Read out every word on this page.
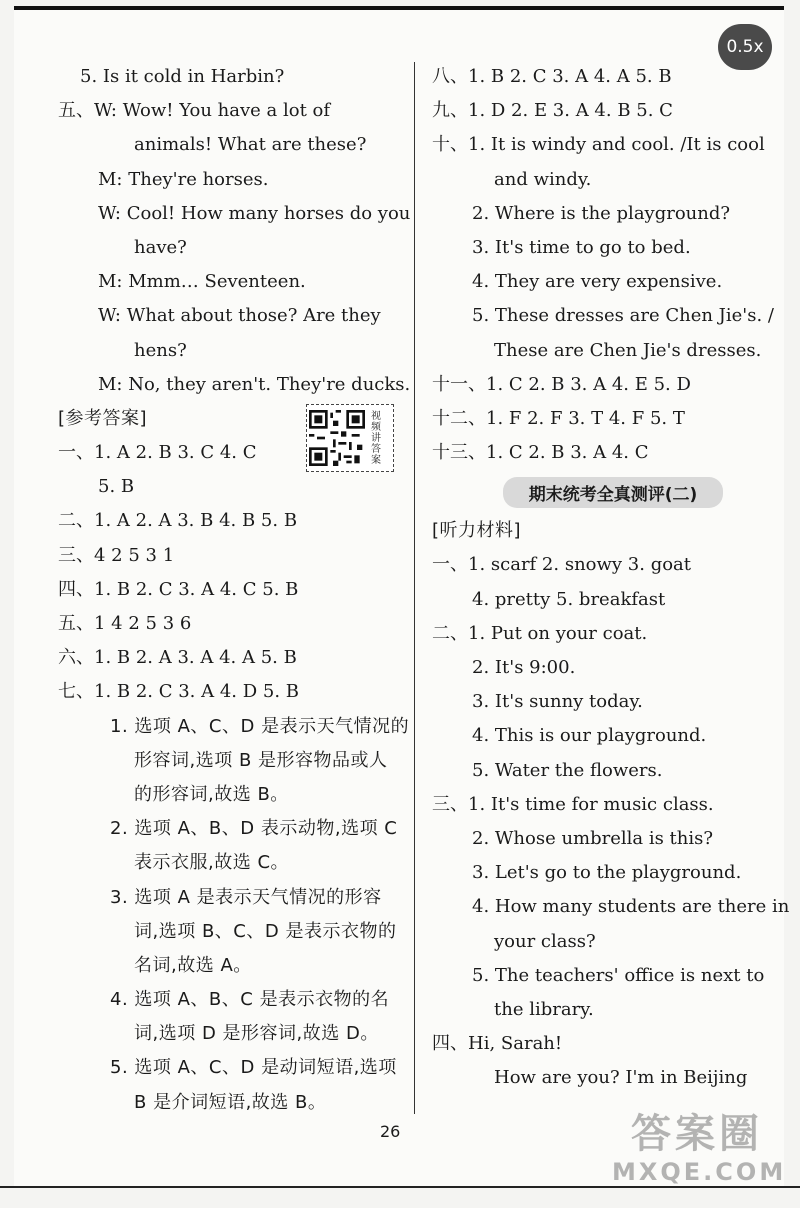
5. Is it cold in Harbin?
五、W: Wow! You have a lot of
animals! What are these?
M: They're horses.
W: Cool! How many horses do you
have?
M: Mmm… Seventeen.
W: What about those? Are they
hens?
M: No, they aren't. They're ducks.
[参考答案]
一、1. A 2. B 3. C 4. C
5. B
二、1. A 2. A 3. B 4. B 5. B
三、4 2 5 3 1
四、1. B 2. C 3. A 4. C 5. B
五、1 4 2 5 3 6
六、1. B 2. A 3. A 4. A 5. B
七、1. B 2. C 3. A 4. D 5. B
1. 选项 A、C、D 是表示天气情况的
形容词,选项 B 是形容物品或人
的形容词,故选 B。
2. 选项 A、B、D 表示动物,选项 C
表示衣服,故选 C。
3. 选项 A 是表示天气情况的形容
词,选项 B、C、D 是表示衣物的
名词,故选 A。
4. 选项 A、B、C 是表示衣物的名
词,选项 D 是形容词,故选 D。
5. 选项 A、C、D 是动词短语,选项
B 是介词短语,故选 B。
八、1. B 2. C 3. A 4. A 5. B
九、1. D 2. E 3. A 4. B 5. C
十、1. It is windy and cool. /It is cool
and windy.
2. Where is the playground?
3. It's time to go to bed.
4. They are very expensive.
5. These dresses are Chen Jie's. /
These are Chen Jie's dresses.
十一、1. C 2. B 3. A 4. E 5. D
十二、1. F 2. F 3. T 4. F 5. T
十三、1. C 2. B 3. A 4. C
期末统考全真测评(二)
[听力材料]
一、1. scarf 2. snowy 3. goat
4. pretty 5. breakfast
二、1. Put on your coat.
2. It's 9:00.
3. It's sunny today.
4. This is our playground.
5. Water the flowers.
三、1. It's time for music class.
2. Whose umbrella is this?
3. Let's go to the playground.
4. How many students are there in
your class?
5. The teachers' office is next to
the library.
四、Hi, Sarah!
How are you? I'm in Beijing
视频讲答案
0.5x
26	答案圈
MXQE.COM
